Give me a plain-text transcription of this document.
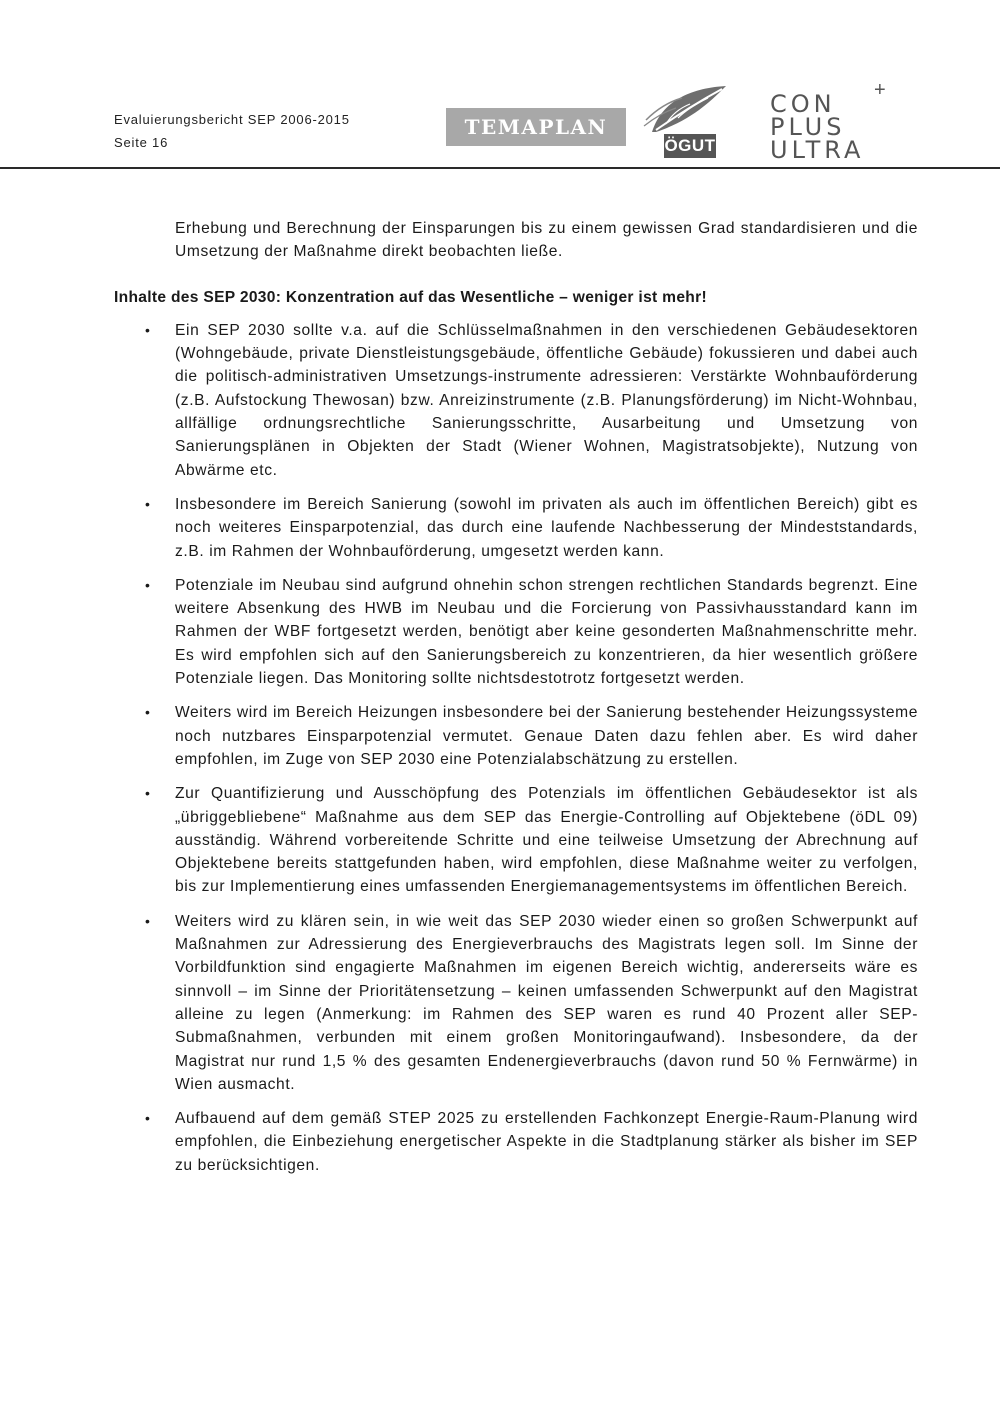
Evaluierungsbericht SEP 2006-2015
Seite 16
TEMAPLAN
ÖGUT
CON
PLUS
ULTRA
+
Erhebung und Berechnung der Einsparungen bis zu einem gewissen Grad standardisieren und die Umsetzung der Maßnahme direkt beobachten ließe.
Inhalte des SEP 2030: Konzentration auf das Wesentliche – weniger ist mehr!
• Ein SEP 2030 sollte v.a. auf die Schlüsselmaßnahmen in den verschiedenen Gebäudesektoren (Wohngebäude, private Dienstleistungsgebäude, öffentliche Gebäude) fokussieren und dabei auch die politisch-administrativen Umsetzungs-instrumente adressieren: Verstärkte Wohnbauförderung (z.B. Aufstockung Thewosan) bzw. Anreizinstrumente (z.B. Planungsförderung) im Nicht-Wohnbau, allfällige ordnungsrechtliche Sanierungsschritte, Ausarbeitung und Umsetzung von Sanierungsplänen in Objekten der Stadt (Wiener Wohnen, Magistratsobjekte), Nutzung von Abwärme etc.
• Insbesondere im Bereich Sanierung (sowohl im privaten als auch im öffentlichen Bereich) gibt es noch weiteres Einsparpotenzial, das durch eine laufende Nachbesserung der Mindeststandards, z.B. im Rahmen der Wohnbauförderung, umgesetzt werden kann.
• Potenziale im Neubau sind aufgrund ohnehin schon strengen rechtlichen Standards begrenzt. Eine weitere Absenkung des HWB im Neubau und die Forcierung von Passivhausstandard kann im Rahmen der WBF fortgesetzt werden, benötigt aber keine gesonderten Maßnahmenschritte mehr. Es wird empfohlen sich auf den Sanierungsbereich zu konzentrieren, da hier wesentlich größere Potenziale liegen. Das Monitoring sollte nichtsdestotrotz fortgesetzt werden.
• Weiters wird im Bereich Heizungen insbesondere bei der Sanierung bestehender Heizungssysteme noch nutzbares Einsparpotenzial vermutet. Genaue Daten dazu fehlen aber. Es wird daher empfohlen, im Zuge von SEP 2030 eine Potenzialabschätzung zu erstellen.
• Zur Quantifizierung und Ausschöpfung des Potenzials im öffentlichen Gebäudesektor ist als „übriggebliebene“ Maßnahme aus dem SEP das Energie-Controlling auf Objektebene (öDL 09) ausständig. Während vorbereitende Schritte und eine teilweise Umsetzung der Abrechnung auf Objektebene bereits stattgefunden haben, wird empfohlen, diese Maßnahme weiter zu verfolgen, bis zur Implementierung eines umfassenden Energiemanagementsystems im öffentlichen Bereich.
• Weiters wird zu klären sein, in wie weit das SEP 2030 wieder einen so großen Schwerpunkt auf Maßnahmen zur Adressierung des Energieverbrauchs des Magistrats legen soll. Im Sinne der Vorbildfunktion sind engagierte Maßnahmen im eigenen Bereich wichtig, andererseits wäre es sinnvoll – im Sinne der Prioritätensetzung – keinen umfassenden Schwerpunkt auf den Magistrat alleine zu legen (Anmerkung: im Rahmen des SEP waren es rund 40 Prozent aller SEP-Submaßnahmen, verbunden mit einem großen Monitoringaufwand). Insbesondere, da der Magistrat nur rund 1,5 % des gesamten Endenergieverbrauchs (davon rund 50 % Fernwärme) in Wien ausmacht.
• Aufbauend auf dem gemäß STEP 2025 zu erstellenden Fachkonzept Energie-Raum-Planung wird empfohlen, die Einbeziehung energetischer Aspekte in die Stadtplanung stärker als bisher im SEP zu berücksichtigen.
